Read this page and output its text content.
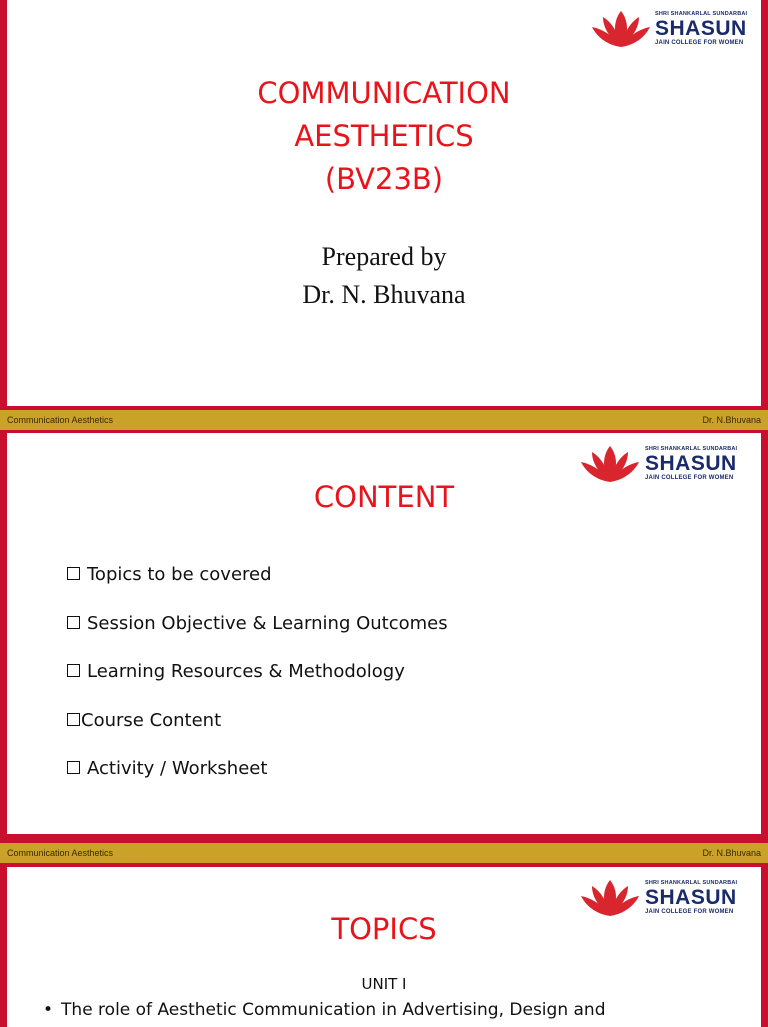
SHRI SHANKARLAL SUNDARBAI
SHASUN
JAIN COLLEGE FOR WOMEN
COMMUNICATION
AESTHETICS
(BV23B)
Prepared by
Dr. N. Bhuvana
Communication Aesthetics	Dr. N.Bhuvana
SHRI SHANKARLAL SUNDARBAI
SHASUN
JAIN COLLEGE FOR WOMEN
CONTENT
Topics to be covered
Session Objective & Learning Outcomes
Learning Resources & Methodology
Course Content
Activity / Worksheet
Communication Aesthetics	Dr. N.Bhuvana
SHRI SHANKARLAL SUNDARBAI
SHASUN
JAIN COLLEGE FOR WOMEN
TOPICS
UNIT I
• The role of Aesthetic Communication in Advertising, Design and
